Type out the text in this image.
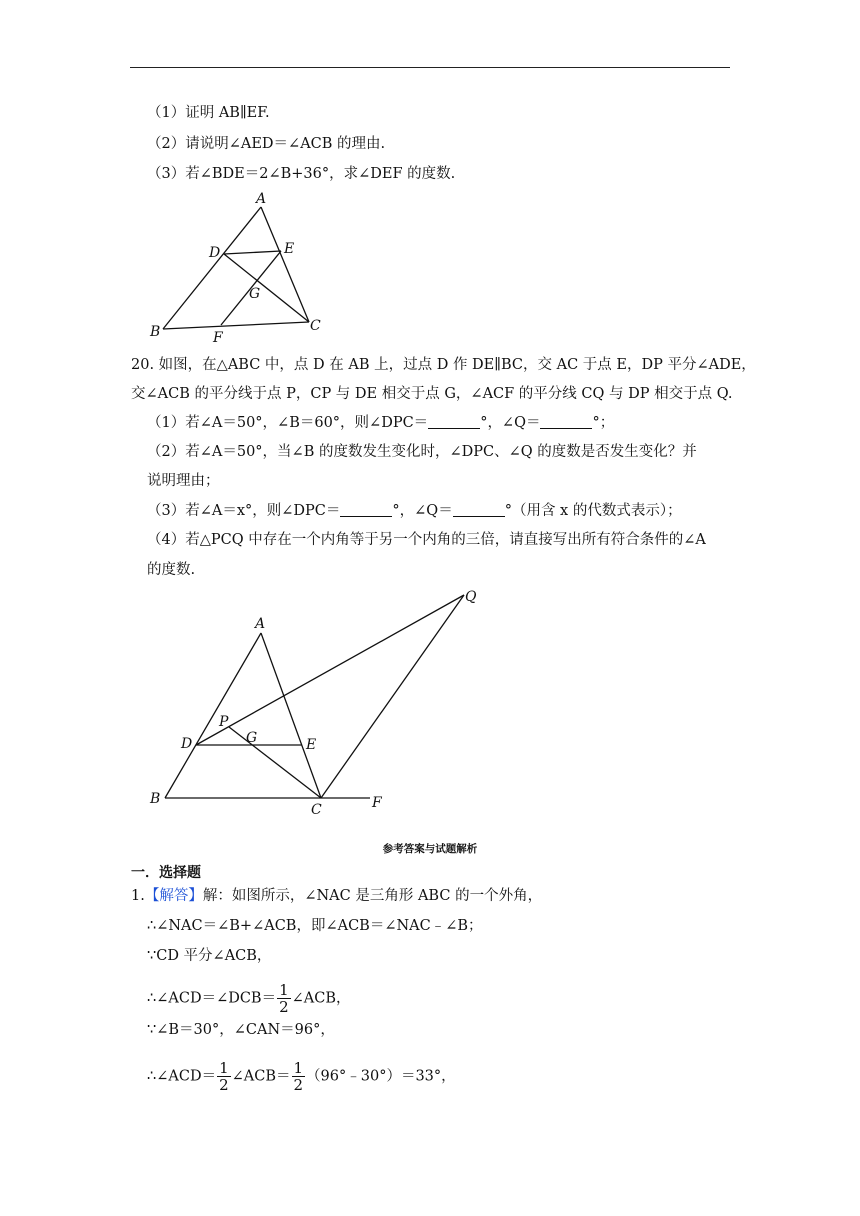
（1）证明 AB∥EF.
（2）请说明∠AED＝∠ACB 的理由.
（3）若∠BDE＝2∠B+36°，求∠DEF 的度数.
A
B	C
D	E
F
G
A
B
C
D	E
F
G
P
Q
20. 如图，在△ABC 中，点 D 在 AB 上，过点 D 作 DE∥BC，交 AC 于点 E，DP 平分∠ADE，
交∠ACB 的平分线于点 P，CP 与 DE 相交于点 G，∠ACF 的平分线 CQ 与 DP 相交于点 Q.
（1）若∠A＝50°，∠B＝60°，则∠DPC＝	°，∠Q＝	°；
（2）若∠A＝50°，当∠B 的度数发生变化时，∠DPC、∠Q 的度数是否发生变化？并
说明理由；
（3）若∠A＝x°，则∠DPC＝	°，∠Q＝	°（用含 x 的代数式表示）；
（4）若△PCQ 中存在一个内角等于另一个内角的三倍，请直接写出所有符合条件的∠A
的度数.
参考答案与试题解析
一．选择题
1.【解答】解：如图所示，∠NAC 是三角形 ABC 的一个外角，
∴∠NAC＝∠B+∠ACB，即∠ACB＝∠NAC﹣∠B；
∵CD 平分∠ACB，
∴∠ACD＝∠DCB＝ $\frac{1}{2}$ ∠ACB，
∵∠B＝30°，∠CAN＝96°，
∴∠ACD＝ $\frac{1}{2}$ ∠ACB＝ $\frac{1}{2}$ （96°﹣30°）＝33°，
